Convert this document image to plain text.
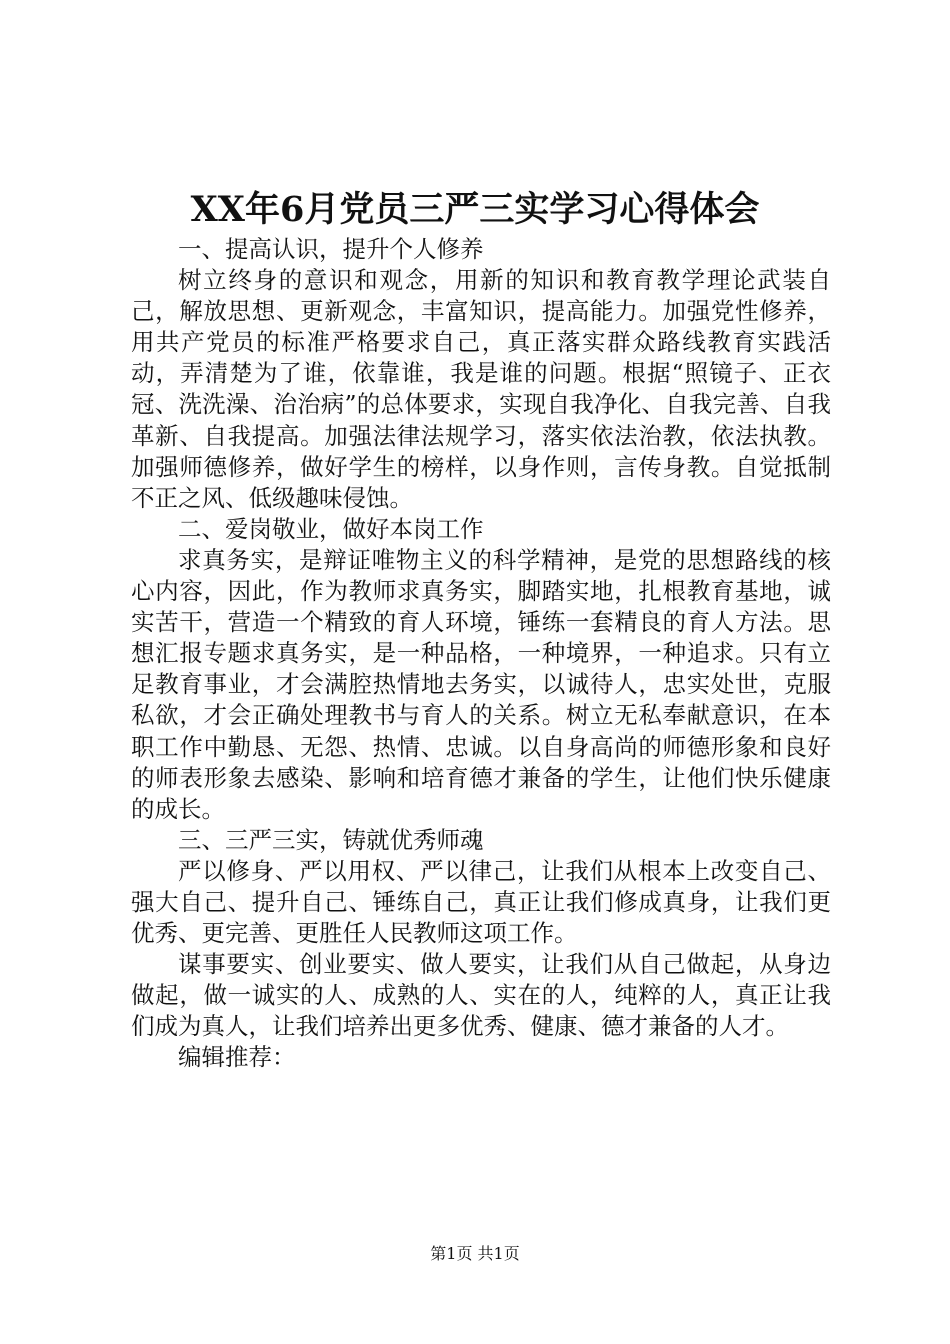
XX年6月党员三严三实学习心得体会

一、提高认识，提升个人修养

树立终身的意识和观念，用新的知识和教育教学理论武装自己，解放思想、更新观念，丰富知识，提高能力。加强党性修养，用共产党员的标准严格要求自己，真正落实群众路线教育实践活动，弄清楚为了谁，依靠谁，我是谁的问题。根据“照镜子、正衣冠、洗洗澡、治治病”的总体要求，实现自我净化、自我完善、自我革新、自我提高。加强法律法规学习，落实依法治教，依法执教。加强师德修养，做好学生的榜样，以身作则，言传身教。自觉抵制不正之风、低级趣味侵蚀。

二、爱岗敬业，做好本岗工作

求真务实，是辩证唯物主义的科学精神，是党的思想路线的核心内容，因此，作为教师求真务实，脚踏实地，扎根教育基地，诚实苦干，营造一个精致的育人环境，锤练一套精良的育人方法。思想汇报专题求真务实，是一种品格，一种境界，一种追求。只有立足教育事业，才会满腔热情地去务实，以诚待人，忠实处世，克服私欲，才会正确处理教书与育人的关系。树立无私奉献意识，在本职工作中勤恳、无怨、热情、忠诚。以自身高尚的师德形象和良好的师表形象去感染、影响和培育德才兼备的学生，让他们快乐健康的成长。

三、三严三实，铸就优秀师魂

严以修身、严以用权、严以律己，让我们从根本上改变自己、强大自己、提升自己、锤练自己，真正让我们修成真身，让我们更优秀、更完善、更胜任人民教师这项工作。

谋事要实、创业要实、做人要实，让我们从自己做起，从身边做起，做一诚实的人、成熟的人、实在的人，纯粹的人，真正让我们成为真人，让我们培养出更多优秀、健康、德才兼备的人才。

编辑推荐：

第1页 共1页
